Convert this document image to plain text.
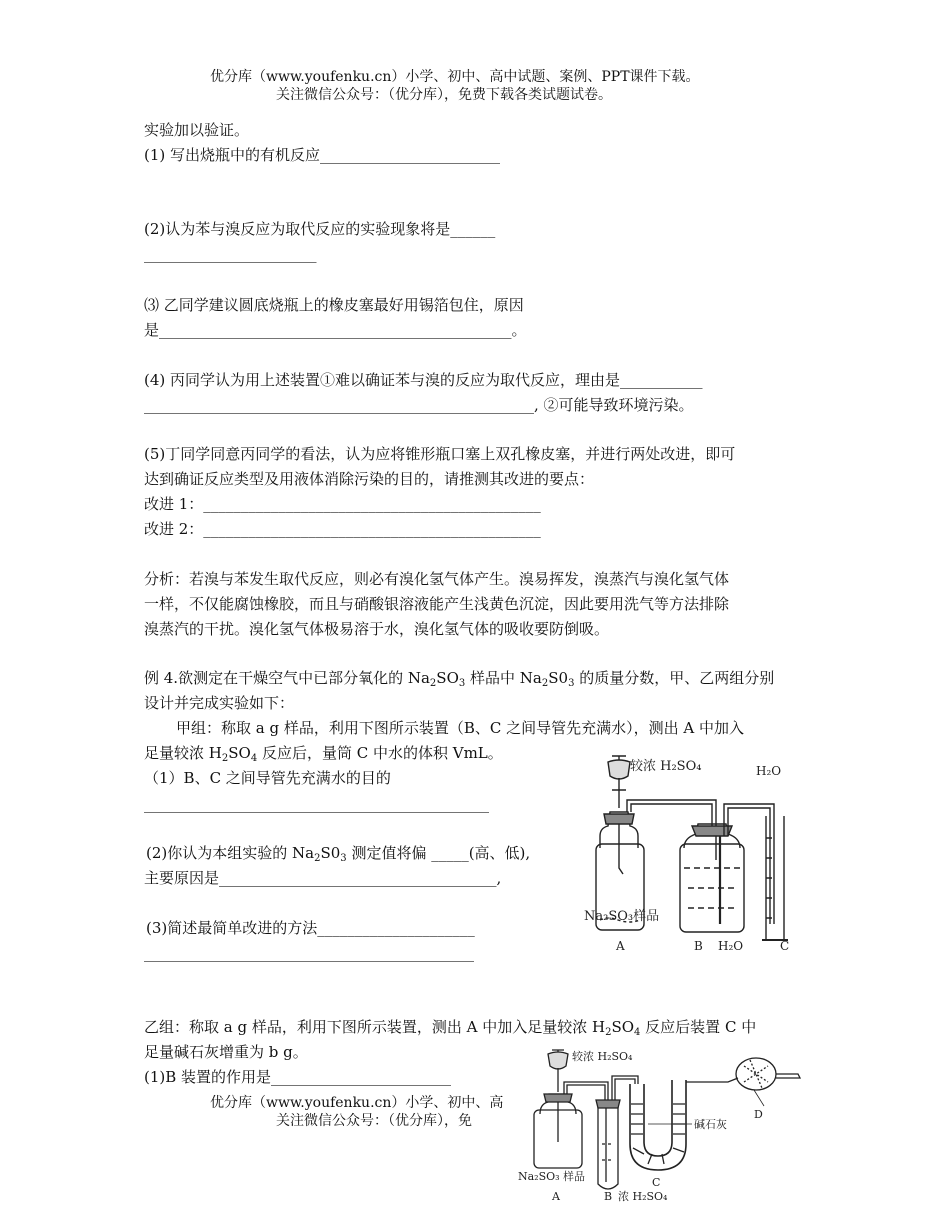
优分库（www.youfenku.cn）小学、初中、高中试题、案例、PPT课件下载。
关注微信公众号：（优分库），免费下载各类试题试卷。
实验加以验证。
(1) 写出烧瓶中的有机反应________________________
(2)认为苯与溴反应为取代反应的实验现象将是______
_______________________
⑶ 乙同学建议圆底烧瓶上的橡皮塞最好用锡箔包住，原因
是_______________________________________________。
(4) 丙同学认为用上述装置①难以确证苯与溴的反应为取代反应，理由是___________
____________________________________________________, ②可能导致环境污染。
(5)丁同学同意丙同学的看法，认为应将锥形瓶口塞上双孔橡皮塞，并进行两处改进，即可
达到确证反应类型及用液体消除污染的目的，请推测其改进的要点：
改进 1：_____________________________________________
改进 2：_____________________________________________
分析：若溴与苯发生取代反应，则必有溴化氢气体产生。溴易挥发，溴蒸汽与溴化氢气体
一样，不仅能腐蚀橡胶，而且与硝酸银溶液能产生浅黄色沉淀，因此要用洗气等方法排除
溴蒸汽的干扰。溴化氢气体极易溶于水，溴化氢气体的吸收要防倒吸。
例 4.欲测定在干燥空气中已部分氧化的 $Na_2SO_3$ 样品中 $Na_2S0_3$ 的质量分数，甲、乙两组分别
设计并完成实验如下：
甲组：称取 a g 样品，利用下图所示装置（B、C 之间导管先充满水），测出 A 中加入
足量较浓 $H_2SO_4$ 反应后，量筒 C 中水的体积 VmL。
（1）B、C 之间导管先充满水的目的
______________________________________________
(2)你认为本组实验的 $Na_2S0_3$ 测定值将偏 _____(高、低),
主要原因是_____________________________________,
(3)简述最简单改进的方法_____________________
____________________________________________
乙组：称取 a g 样品，利用下图所示装置，测出 A 中加入足量较浓 $H_2SO_4$ 反应后装置 C 中
足量碱石灰增重为 b g。
(1)B 装置的作用是________________________
优分库（www.youfenku.cn）小学、初中、高
关注微信公众号：（优分库），免
较浓 H₂SO₄	H₂O
Na₂SO₃样品
A	B H₂O	C
较浓 H₂SO₄
碱石灰
D
Na₂SO₃ 样品
A	B 浓 H₂SO₄
C
